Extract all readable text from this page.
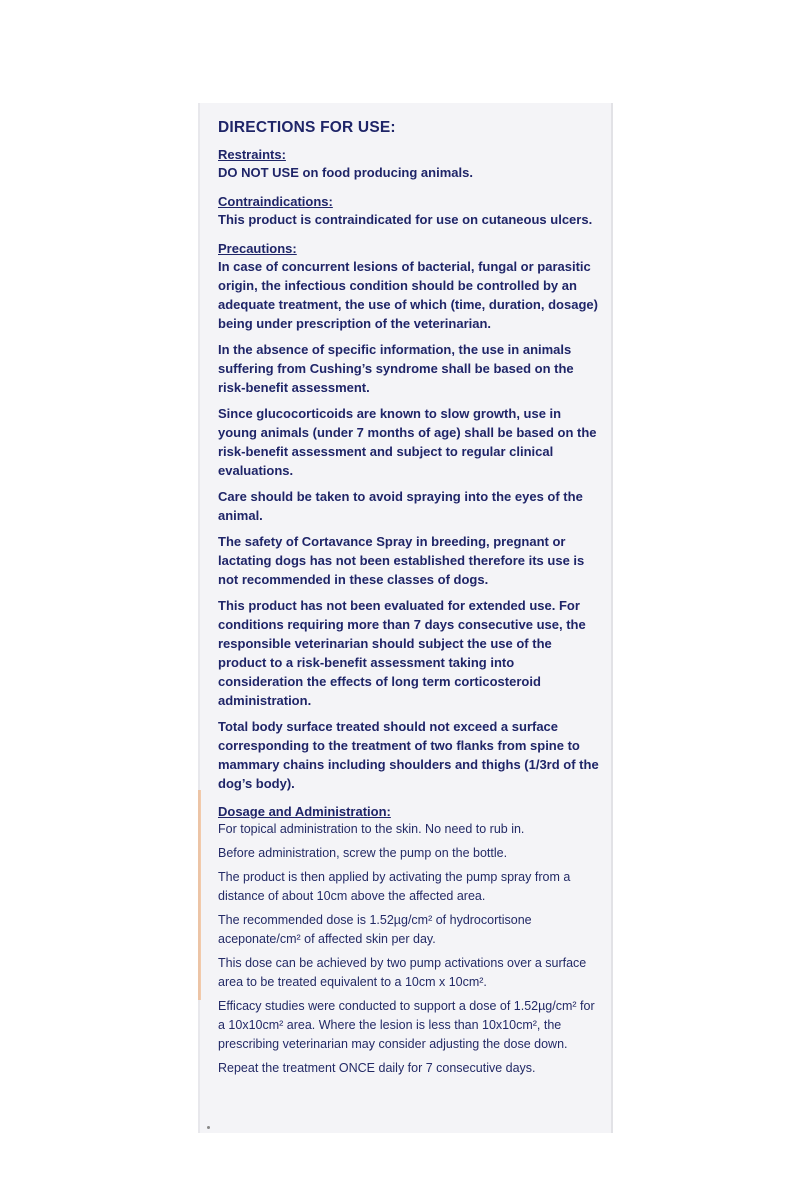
DIRECTIONS FOR USE:
Restraints:
DO NOT USE on food producing animals.
Contraindications:
This product is contraindicated for use on cutaneous ulcers.
Precautions:
In case of concurrent lesions of bacterial, fungal or parasitic origin, the infectious condition should be controlled by an adequate treatment, the use of which (time, duration, dosage) being under prescription of the veterinarian.
In the absence of specific information, the use in animals suffering from Cushing’s syndrome shall be based on the risk-benefit assessment.
Since glucocorticoids are known to slow growth, use in young animals (under 7 months of age) shall be based on the risk-benefit assessment and subject to regular clinical evaluations.
Care should be taken to avoid spraying into the eyes of the animal.
The safety of Cortavance Spray in breeding, pregnant or lactating dogs has not been established therefore its use is not recommended in these classes of dogs.
This product has not been evaluated for extended use. For conditions requiring more than 7 days consecutive use, the responsible veterinarian should subject the use of the product to a risk-benefit assessment taking into consideration the effects of long term corticosteroid administration.
Total body surface treated should not exceed a surface corresponding to the treatment of two flanks from spine to mammary chains including shoulders and thighs (1/3rd of the dog’s body).
Dosage and Administration:
For topical administration to the skin. No need to rub in.
Before administration, screw the pump on the bottle.
The product is then applied by activating the pump spray from a distance of about 10cm above the affected area.
The recommended dose is 1.52µg/cm² of hydrocortisone aceponate/cm² of affected skin per day.
This dose can be achieved by two pump activations over a surface area to be treated equivalent to a 10cm x 10cm².
Efficacy studies were conducted to support a dose of 1.52µg/cm² for a 10x10cm² area. Where the lesion is less than 10x10cm², the prescribing veterinarian may consider adjusting the dose down.
Repeat the treatment ONCE daily for 7 consecutive days.
